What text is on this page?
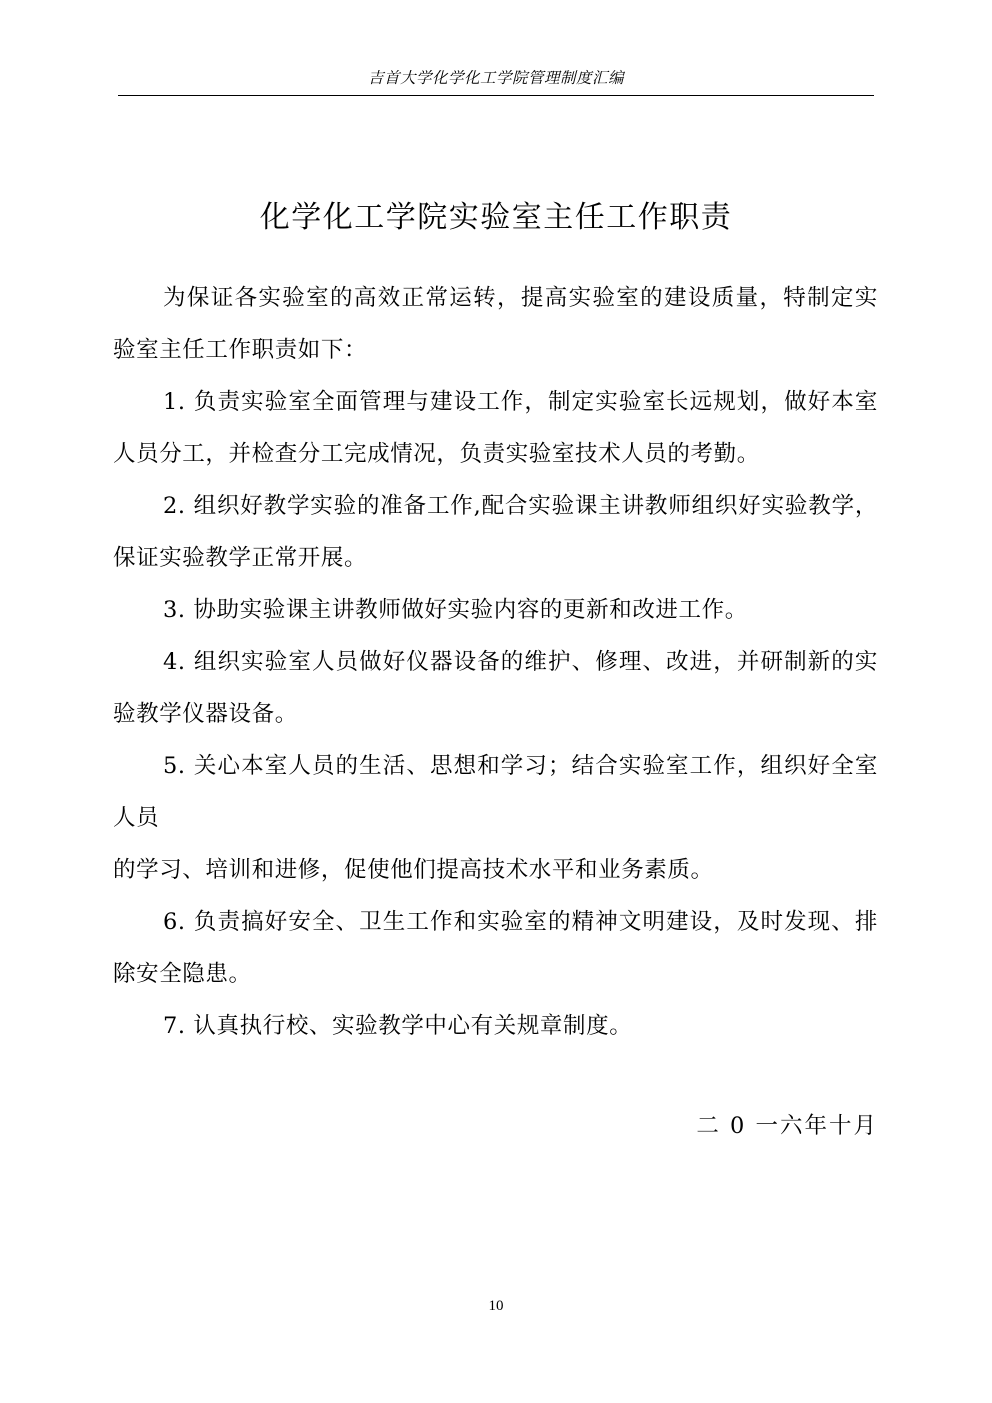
吉首大学化学化工学院管理制度汇编
化学化工学院实验室主任工作职责

为保证各实验室的高效正常运转，提高实验室的建设质量，特制定实验室主任工作职责如下：

1. 负责实验室全面管理与建设工作，制定实验室长远规划，做好本室人员分工，并检查分工完成情况，负责实验室技术人员的考勤。

2. 组织好教学实验的准备工作,配合实验课主讲教师组织好实验教学，保证实验教学正常开展。

3. 协助实验课主讲教师做好实验内容的更新和改进工作。

4. 组织实验室人员做好仪器设备的维护、修理、改进，并研制新的实验教学仪器设备。

5. 关心本室人员的生活、思想和学习；结合实验室工作，组织好全室人员

的学习、培训和进修，促使他们提高技术水平和业务素质。

6. 负责搞好安全、卫生工作和实验室的精神文明建设，及时发现、排除安全隐患。

7. 认真执行校、实验教学中心有关规章制度。

二 0 一六年十月
10
